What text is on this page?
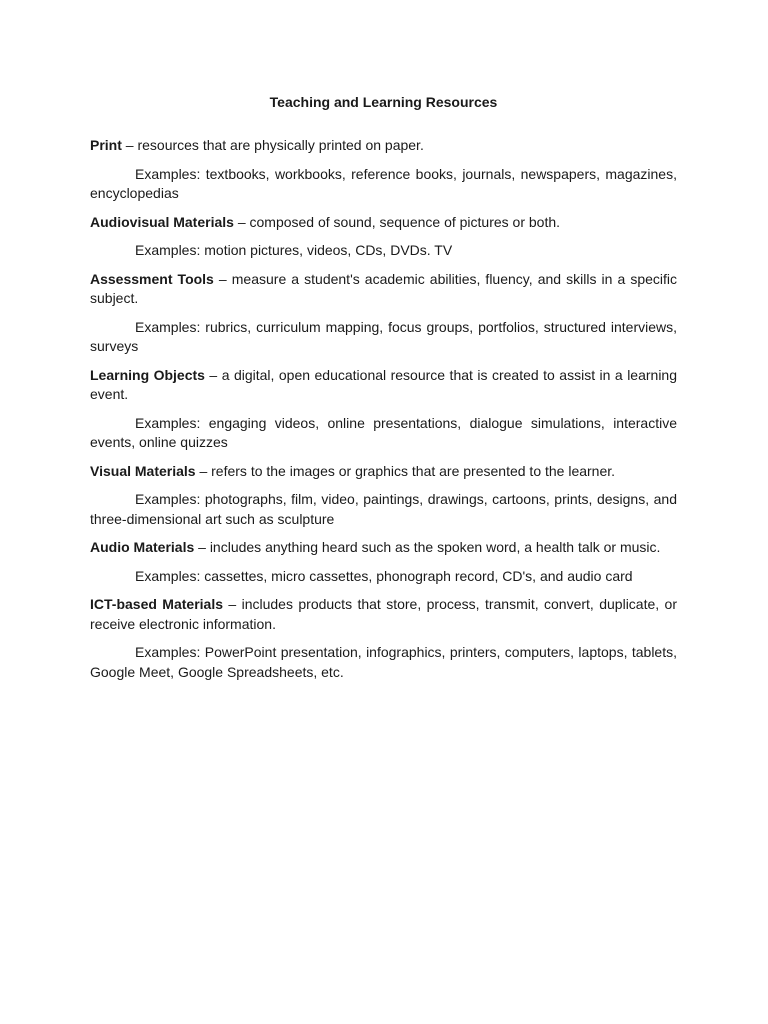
Teaching and Learning Resources

Print – resources that are physically printed on paper.

Examples: textbooks, workbooks, reference books, journals, newspapers, magazines, encyclopedias

Audiovisual Materials – composed of sound, sequence of pictures or both.

Examples: motion pictures, videos, CDs, DVDs. TV

Assessment Tools – measure a student's academic abilities, fluency, and skills in a specific subject.

Examples: rubrics, curriculum mapping, focus groups, portfolios, structured interviews, surveys

Learning Objects – a digital, open educational resource that is created to assist in a learning event.

Examples: engaging videos, online presentations, dialogue simulations, interactive events, online quizzes

Visual Materials – refers to the images or graphics that are presented to the learner.

Examples: photographs, film, video, paintings, drawings, cartoons, prints, designs, and three-dimensional art such as sculpture

Audio Materials – includes anything heard such as the spoken word, a health talk or music.

Examples: cassettes, micro cassettes, phonograph record, CD's, and audio card

ICT-based Materials – includes products that store, process, transmit, convert, duplicate, or receive electronic information.

Examples: PowerPoint presentation, infographics, printers, computers, laptops, tablets, Google Meet, Google Spreadsheets, etc.
